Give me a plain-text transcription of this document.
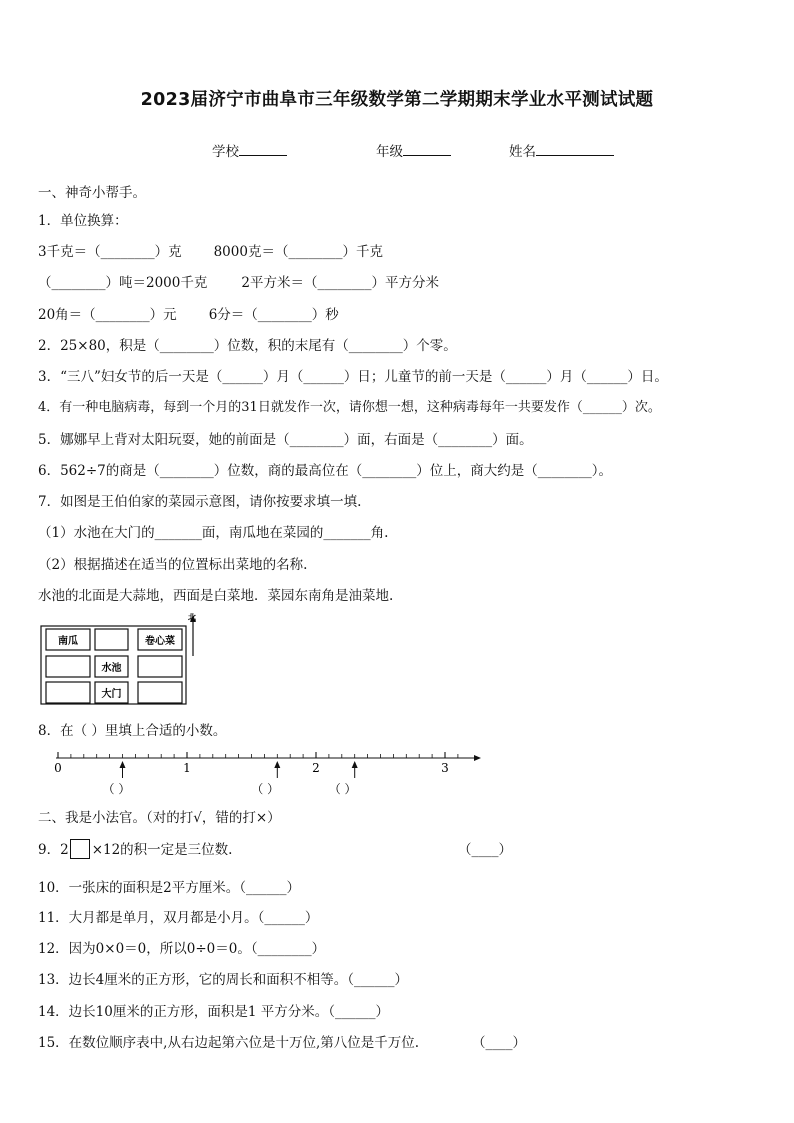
2023届济宁市曲阜市三年级数学第二学期期末学业水平测试试题
学校	年级	姓名
一、神奇小帮手。
1．单位换算：
3千克＝（________）克 8000克＝（________）千克
（________）吨＝2000千克	2平方米＝（________）平方分米
20角＝（________）元 6分＝（________）秒
2．25×80，积是（________）位数，积的末尾有（________）个零。
3．“三八”妇女节的后一天是（______）月（______）日；儿童节的前一天是（______）月（______）日。
4．有一种电脑病毒，每到一个月的31日就发作一次，请你想一想，这种病毒每年一共要发作（______）次。
5．娜娜早上背对太阳玩耍，她的前面是（________）面，右面是（________）面。
6．562÷7的商是（________）位数，商的最高位在（________）位上，商大约是（________）。
7．如图是王伯伯家的菜园示意图，请你按要求填一填.
（1）水池在大门的_______面，南瓜地在菜园的_______角.
（2）根据描述在适当的位置标出菜地的名称.
水池的北面是大蒜地，西面是白菜地．菜园东南角是油菜地.
南瓜	卷心菜
水池
大门
北
8．在（ ）里填上合适的小数。
0	1	2	3
（ ）	（ ）	（ ）
二、我是小法官。（对的打√，错的打×）
9．2 ×12的积一定是三位数.	（____）
10．一张床的面积是2平方厘米。（______）
11．大月都是单月，双月都是小月。（______）
12．因为0×0＝0，所以0÷0＝0。（________）
13．边长4厘米的正方形，它的周长和面积不相等。（______）
14．边长10厘米的正方形，面积是1 平方分米。（______）
15．在数位顺序表中,从右边起第六位是十万位,第八位是千万位.	（____）
